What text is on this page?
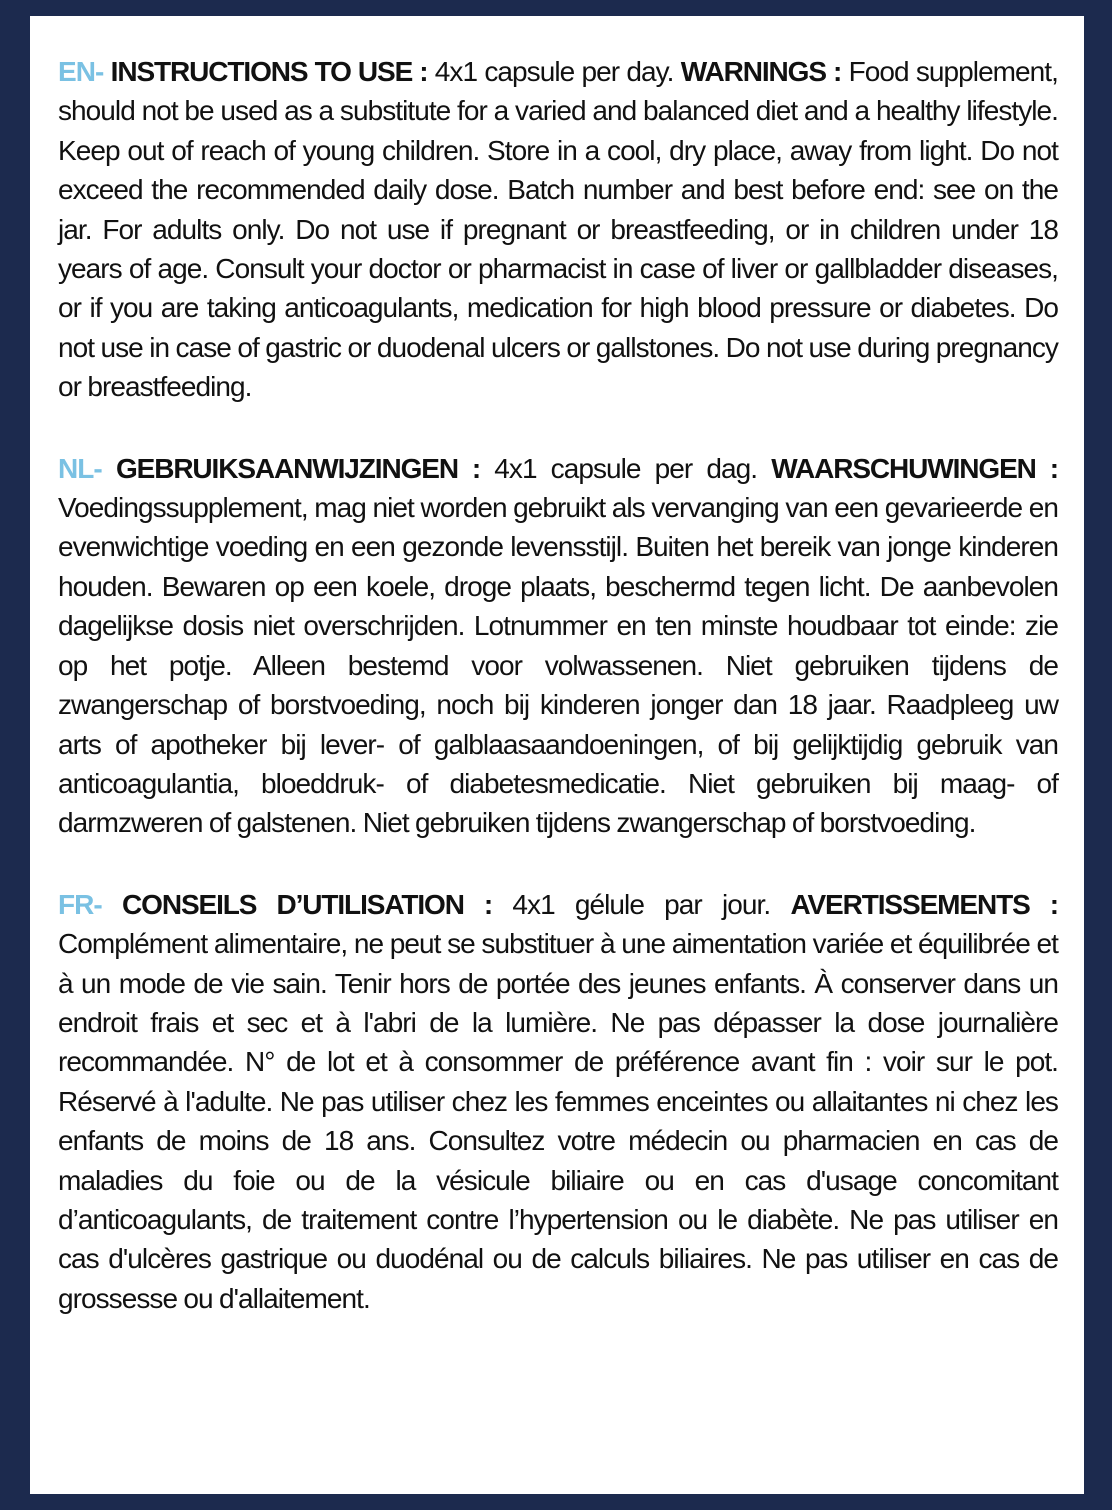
EN- INSTRUCTIONS TO USE : 4x1 capsule per day. WARNINGS : Food supplement, should not be used as a substitute for a varied and balanced diet and a healthy lifestyle. Keep out of reach of young children. Store in a cool, dry place, away from light. Do not exceed the recommended daily dose. Batch number and best before end: see on the jar. For adults only. Do not use if pregnant or breastfeeding, or in children under 18 years of age. Consult your doctor or pharmacist in case of liver or gallbladder diseases, or if you are taking anticoagulants, medication for high blood pressure or diabetes. Do not use in case of gastric or duodenal ulcers or gallstones. Do not use during pregnancy or breastfeeding.

NL- GEBRUIKSAANWIJZINGEN : 4x1 capsule per dag. WAARSCHUWINGEN : Voedingssupplement, mag niet worden gebruikt als vervanging van een gevarieerde en evenwichtige voeding en een gezonde levensstijl. Buiten het bereik van jonge kinderen houden. Bewaren op een koele, droge plaats, beschermd tegen licht. De aanbevolen dagelijkse dosis niet overschrijden. Lotnummer en ten minste houdbaar tot einde: zie op het potje. Alleen bestemd voor volwassenen. Niet gebruiken tijdens de zwangerschap of borstvoeding, noch bij kinderen jonger dan 18 jaar. Raadpleeg uw arts of apotheker bij lever- of galblaasaandoeningen, of bij gelijktijdig gebruik van anticoagulantia, bloeddruk- of diabetesmedicatie. Niet gebruiken bij maag- of darmzweren of galstenen. Niet gebruiken tijdens zwangerschap of borstvoeding.

FR- CONSEILS D’UTILISATION : 4x1 gélule par jour. AVERTISSEMENTS : Complément alimentaire, ne peut se substituer à une aimentation variée et équilibrée et à un mode de vie sain. Tenir hors de portée des jeunes enfants. À conserver dans un endroit frais et sec et à l'abri de la lumière. Ne pas dépasser la dose journalière recommandée. N° de lot et à consommer de préférence avant fin : voir sur le pot. Réservé à l'adulte. Ne pas utiliser chez les femmes enceintes ou allaitantes ni chez les enfants de moins de 18 ans. Consultez votre médecin ou pharmacien en cas de maladies du foie ou de la vésicule biliaire ou en cas d'usage concomitant d’anticoagulants, de traitement contre l’hypertension ou le diabète. Ne pas utiliser en cas d'ulcères gastrique ou duodénal ou de calculs biliaires. Ne pas utiliser en cas de grossesse ou d'allaitement.
